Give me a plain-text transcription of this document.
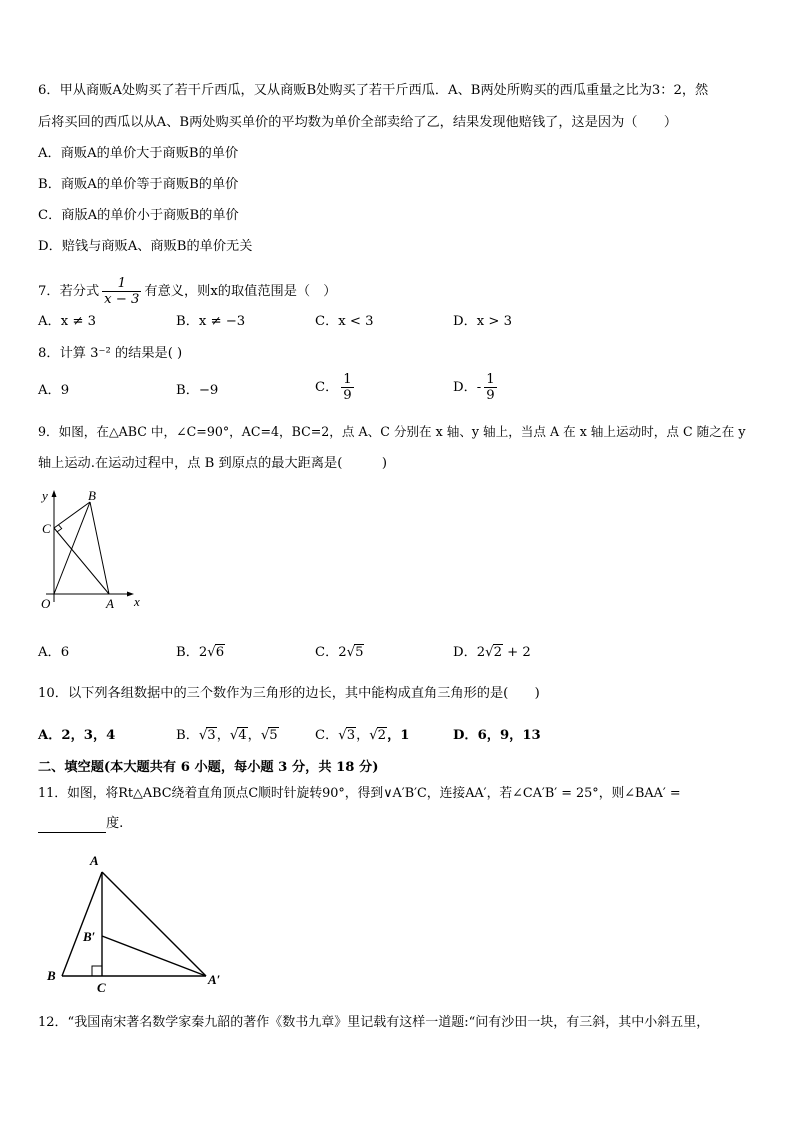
6．甲从商贩A处购买了若干斤西瓜，又从商贩B处购买了若干斤西瓜．A、B两处所购买的西瓜重量之比为3：2，然
后将买回的西瓜以从A、B两处购买单价的平均数为单价全部卖给了乙，结果发现他赔钱了，这是因为（　　）
A．商贩A的单价大于商贩B的单价
B．商贩A的单价等于商贩B的单价
C．商版A的单价小于商贩B的单价
D．赔钱与商贩A、商贩B的单价无关
7．若分式 $\frac{1}{x - 3}$ 有意义，则x的取值范围是（　）
A．x ≠ 3	B．x ≠ −3	C．x < 3	D．x > 3
8．计算 3⁻² 的结果是( )
A．9	B．−9	C． $\frac{1}{9}$	D．- $\frac{1}{9}$
9．如图，在△ABC 中，∠C=90°，AC=4，BC=2，点 A、C 分别在 x 轴、y 轴上，当点 A 在 x 轴上运动时，点 C 随之在 y
轴上运动.在运动过程中，点 B 到原点的最大距离是(　　　)
y	B
C
O	A x
A．6	B．2√6	C．2√5	D．2√2 + 2
10．以下列各组数据中的三个数作为三角形的边长，其中能构成直角三角形的是(　　)
A．2，3，4	B．√3，√4，√5	C．√3，√2，1	D．6，9，13
二、填空题(本大题共有 6 小题，每小题 3 分，共 18 分)
11．如图，将Rt△ABC绕着直角顶点C顺时针旋转90°，得到∨A′B′C，连接AA′，若∠CA′B′ = 25°，则∠BAA′ =
度.
A
B′
B
C
A′
12．“我国南宋著名数学家秦九韶的著作《数书九章》里记载有这样一道题:“问有沙田一块，有三斜，其中小斜五里，
